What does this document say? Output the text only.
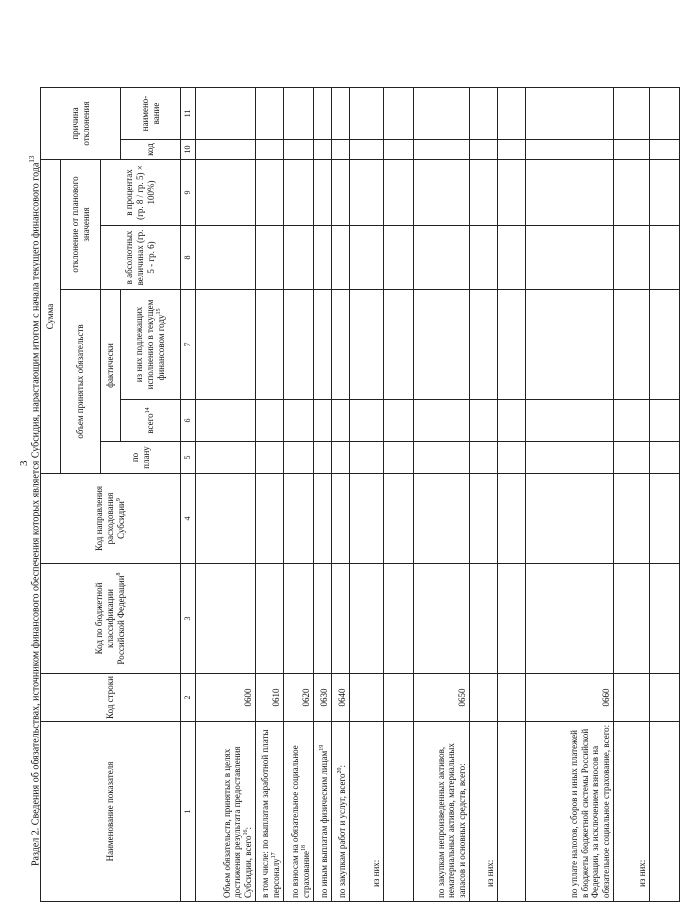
3 Раздел 2. Сведения об обязательствах, источником финансового обеспечения которых является Субсидия, нарастающим итогом с начала текущего финансового года$^{13}$
Наименование показателя	Код строки	Код по бюджетной классификации Российской Федерации$^8$	Код направления расходования Субсидии$^9$	Сумма					причина отклонения	
				объем принятых обязательств			отклонение от планового значения			
				по плану	фактически		в абсолютных величинах (гр. 5 - гр. 6)	в процентах (гр. 8 / гр. 5) × 100%)		
					всего$^{14}$	из них подлежащих исполнению в текущем финансовом году$^{15}$			код	наимено-вание

1	2	3	4	5	6	7	8	9	10	11
Объем обязательств, принятых в целях достижения результата предоставления Субсидии, всего$^{16}$:	0600									
в том числе: по выплатам заработной платы персоналу$^{17}$	0610									
по взносам на обязательное социальное страхование$^{18}$	0620									
по иным выплатам физическим лицам$^{19}$	0630									
по закупкам работ и услуг, всего$^{20}$:	0640									
из них:										

по закупкам непроизведенных активов, нематериальных активов, материальных запасов и основных средств, всего:	0650									
из них:										

по уплате налогов, сборов и иных платежей в бюджеты бюджетной системы Российской Федерации, за исключением взносов на обязательное социальное страхование, всего:	0660									
из них:										
